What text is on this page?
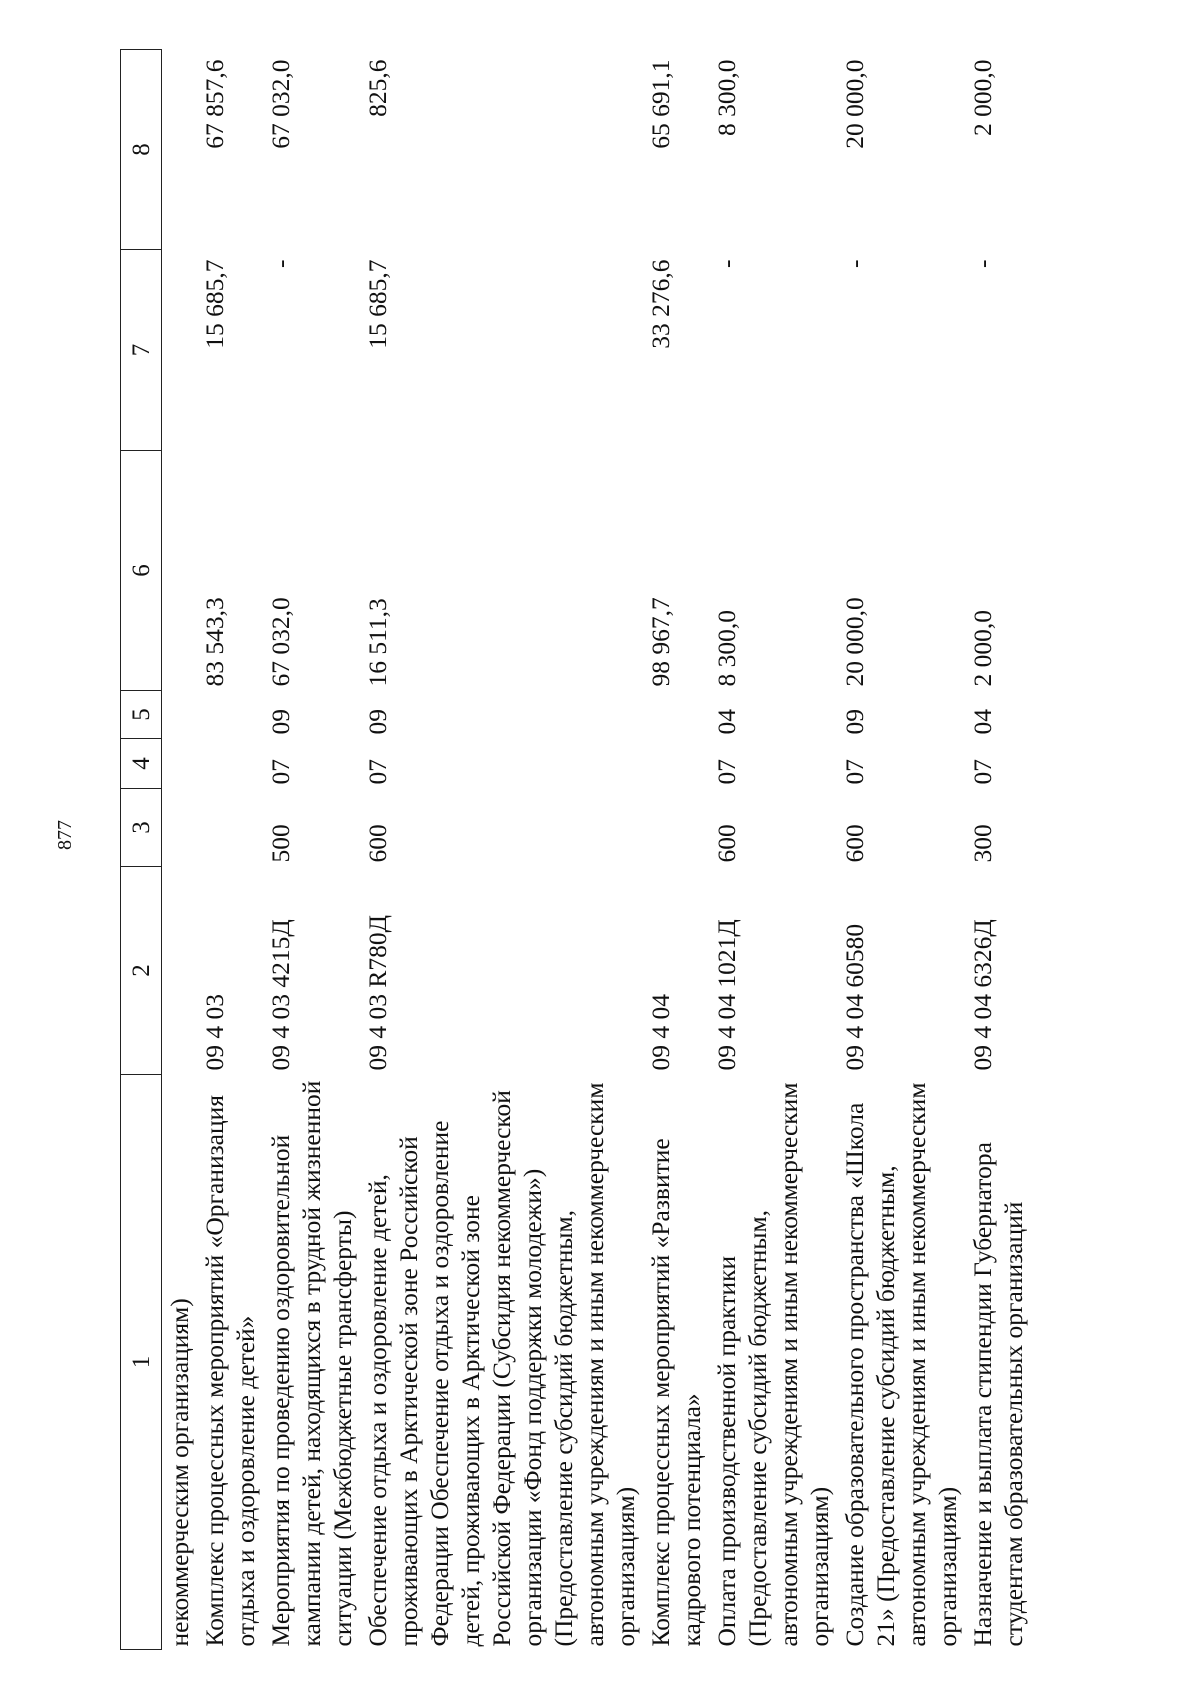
877
1	2	3	4	5	6	7	8
некоммерческим организациям)							
Комплекс процессных мероприятий «Организация отдыха и оздоровление детей»	09 4 03				83 543,3	15 685,7	67 857,6
Мероприятия по проведению оздоровительной кампании детей, находящихся в трудной жизненной ситуации (Межбюджетные трансферты)	09 4 03 4215Д	500	07	09	67 032,0	-	67 032,0
Обеспечение отдыха и оздоровление детей, проживающих в Арктической зоне Российской Федерации Обеспечение отдыха и оздоровление детей, проживающих в Арктической зоне Российской Федерации (Субсидия некоммерческой организации «Фонд поддержки молодежи») (Предоставление субсидий бюджетным, автономным учреждениям и иным некоммерческим организациям)	09 4 03 R780Д	600	07	09	16 511,3	15 685,7	825,6
Комплекс процессных мероприятий «Развитие кадрового потенциала»	09 4 04				98 967,7	33 276,6	65 691,1
Оплата производственной практики (Предоставление субсидий бюджетным, автономным учреждениям и иным некоммерческим организациям)	09 4 04 1021Д	600	07	04	8 300,0	-	8 300,0
Создание образовательного пространства «Школа 21» (Предоставление субсидий бюджетным, автономным учреждениям и иным некоммерческим организациям)	09 4 04 60580	600	07	09	20 000,0	-	20 000,0
Назначение и выплата стипендии Губернатора студентам образовательных организаций	09 4 04 6326Д	300	07	04	2 000,0	-	2 000,0
